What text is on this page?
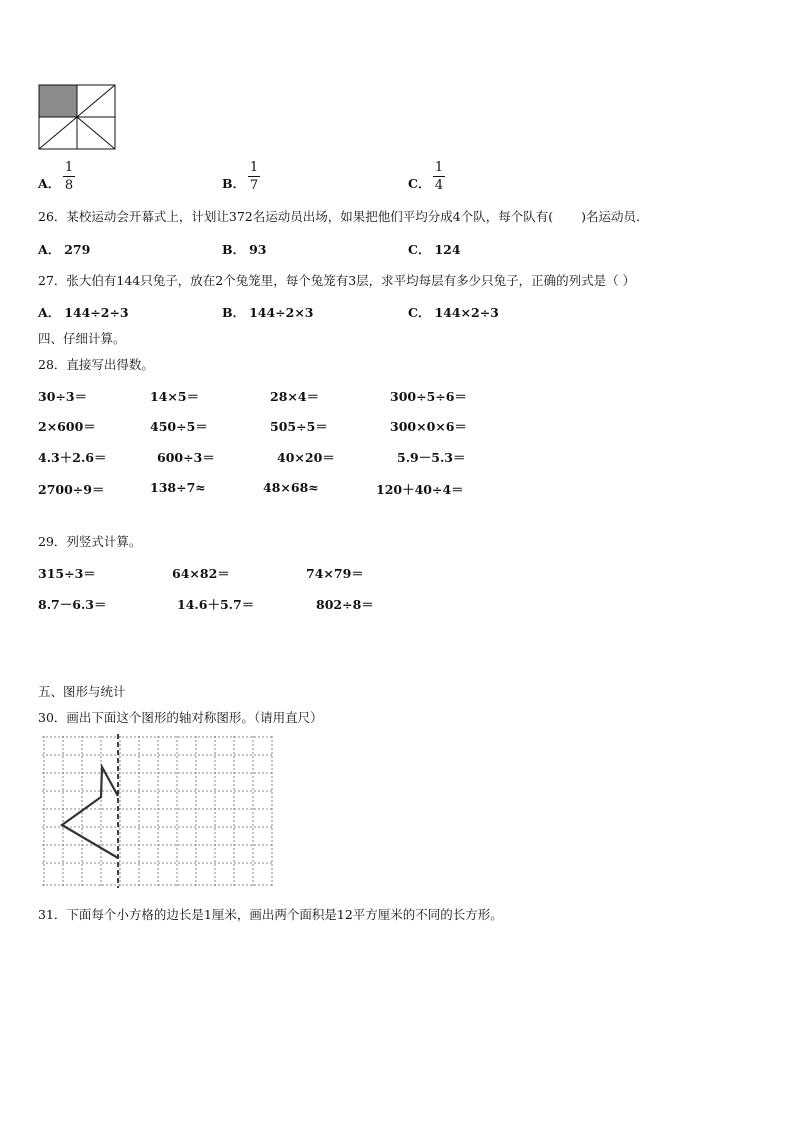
A． $\frac{1}{8}$	B． $\frac{1}{7}$	C． $\frac{1}{4}$
26．某校运动会开幕式上，计划让372名运动员出场，如果把他们平均分成4个队，每个队有( )名运动员．
A． 279	B． 93	C． 124
27．张大伯有144只兔子，放在2个兔笼里，每个兔笼有3层，求平均每层有多少只兔子，正确的列式是（ ）
A． 144÷2÷3	B． 144÷2×3	C． 144×2÷3
四、仔细计算。
28．直接写出得数。
30÷3＝	14×5＝	28×4＝	300÷5÷6＝
2×600＝	450÷5＝	505÷5＝	300×0×6＝
4.3＋2.6＝	600÷3＝	40×20＝	5.9－5.3＝
2700÷9＝	138÷7≈	48×68≈	120＋40÷4＝
29．列竖式计算。
315÷3＝	64×82＝	74×79＝
8.7－6.3＝	14.6＋5.7＝	802÷8＝
五、图形与统计
30．画出下面这个图形的轴对称图形。（请用直尺）
31．下面每个小方格的边长是1厘米，画出两个面积是12平方厘米的不同的长方形。
